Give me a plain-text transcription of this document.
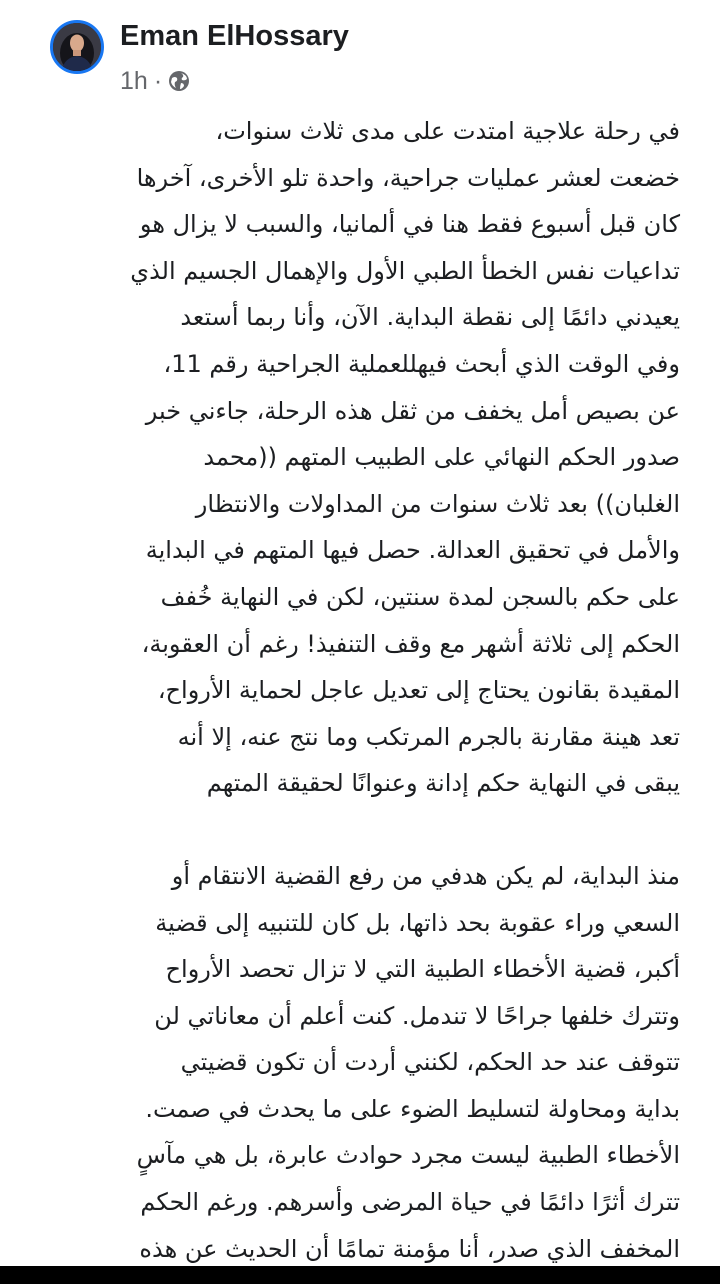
Eman ElHossary
1h ·

في رحلة علاجية امتدت على مدى ثلاث سنوات،
خضعت لعشر عمليات جراحية، واحدة تلو الأخرى، آخرها
كان قبل أسبوع فقط هنا في ألمانيا، والسبب لا يزال هو
تداعيات نفس الخطأ الطبي الأول والإهمال الجسيم الذي
يعيدني دائمًا إلى نقطة البداية. الآن، وأنا ربما أستعد
وفي الوقت الذي أبحث فيهللعملية الجراحية رقم 11،
عن بصيص أمل يخفف من ثقل هذه الرحلة، جاءني خبر
صدور الحكم النهائي على الطبيب المتهم ((محمد
الغلبان)) بعد ثلاث سنوات من المداولات والانتظار
والأمل في تحقيق العدالة. حصل فيها المتهم في البداية
على حكم بالسجن لمدة سنتين، لكن في النهاية خُفف
الحكم إلى ثلاثة أشهر مع وقف التنفيذ! رغم أن العقوبة،
المقيدة بقانون يحتاج إلى تعديل عاجل لحماية الأرواح،
تعد هينة مقارنة بالجرم المرتكب وما نتج عنه، إلا أنه
يبقى في النهاية حكم إدانة وعنوانًا لحقيقة المتهم

منذ البداية، لم يكن هدفي من رفع القضية الانتقام أو
السعي وراء عقوبة بحد ذاتها، بل كان للتنبيه إلى قضية
أكبر، قضية الأخطاء الطبية التي لا تزال تحصد الأرواح
وتترك خلفها جراحًا لا تندمل. كنت أعلم أن معاناتي لن
تتوقف عند حد الحكم، لكنني أردت أن تكون قضيتي
بداية ومحاولة لتسليط الضوء على ما يحدث في صمت.
الأخطاء الطبية ليست مجرد حوادث عابرة، بل هي مآسٍ
تترك أثرًا دائمًا في حياة المرضى وأسرهم. ورغم الحكم
المخفف الذي صدر، أنا مؤمنة تمامًا أن الحديث عن هذه
